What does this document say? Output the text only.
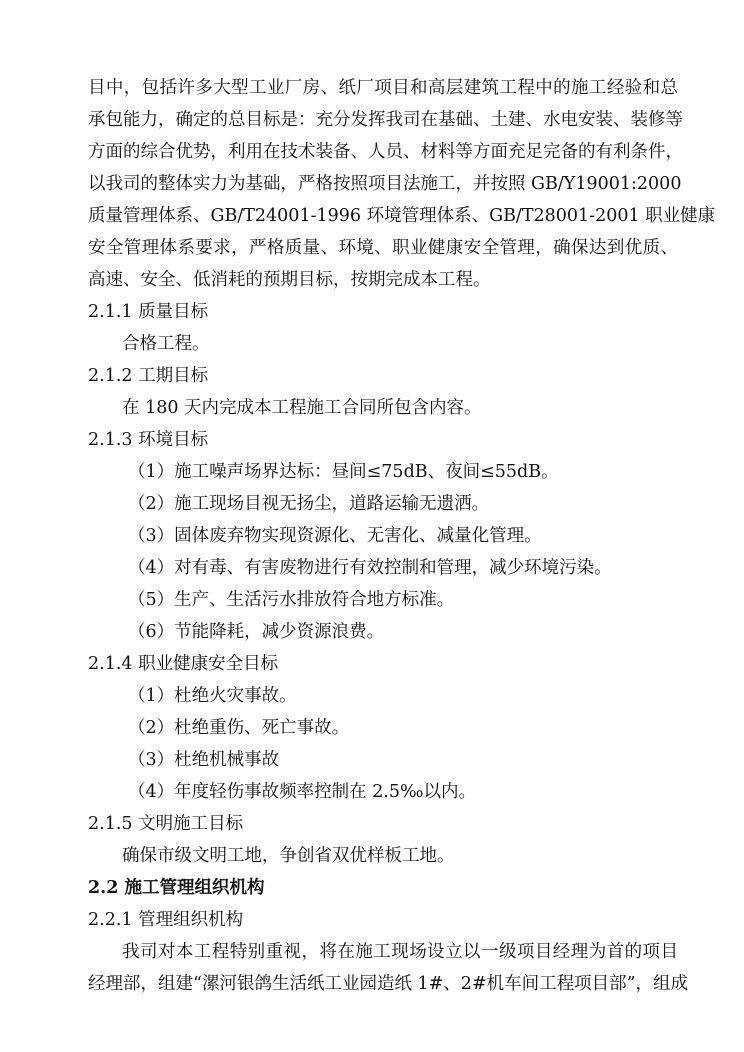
目中，包括许多大型工业厂房、纸厂项目和高层建筑工程中的施工经验和总
承包能力，确定的总目标是：充分发挥我司在基础、土建、水电安装、装修等
方面的综合优势，利用在技术装备、人员、材料等方面充足完备的有利条件，
以我司的整体实力为基础，严格按照项目法施工，并按照 GB/Y19001:2000
质量管理体系、GB/T24001-1996 环境管理体系、GB/T28001-2001 职业健康
安全管理体系要求，严格质量、环境、职业健康安全管理，确保达到优质、
高速、安全、低消耗的预期目标，按期完成本工程。
2.1.1 质量目标
合格工程。
2.1.2 工期目标
在 180 天内完成本工程施工合同所包含内容。
2.1.3 环境目标
（1）施工噪声场界达标：昼间≤75dB、夜间≤55dB。
（2）施工现场目视无扬尘，道路运输无遗洒。
（3）固体废弃物实现资源化、无害化、减量化管理。
（4）对有毒、有害废物进行有效控制和管理，减少环境污染。
（5）生产、生活污水排放符合地方标准。
（6）节能降耗，减少资源浪费。
2.1.4 职业健康安全目标
（1）杜绝火灾事故。
（2）杜绝重伤、死亡事故。
（3）杜绝机械事故
（4）年度轻伤事故频率控制在 2.5‰以内。
2.1.5 文明施工目标
确保市级文明工地，争创省双优样板工地。
2.2 施工管理组织机构
2.2.1 管理组织机构
我司对本工程特别重视，将在施工现场设立以一级项目经理为首的项目
经理部，组建“漯河银鸽生活纸工业园造纸 1#、2#机车间工程项目部”，组成
